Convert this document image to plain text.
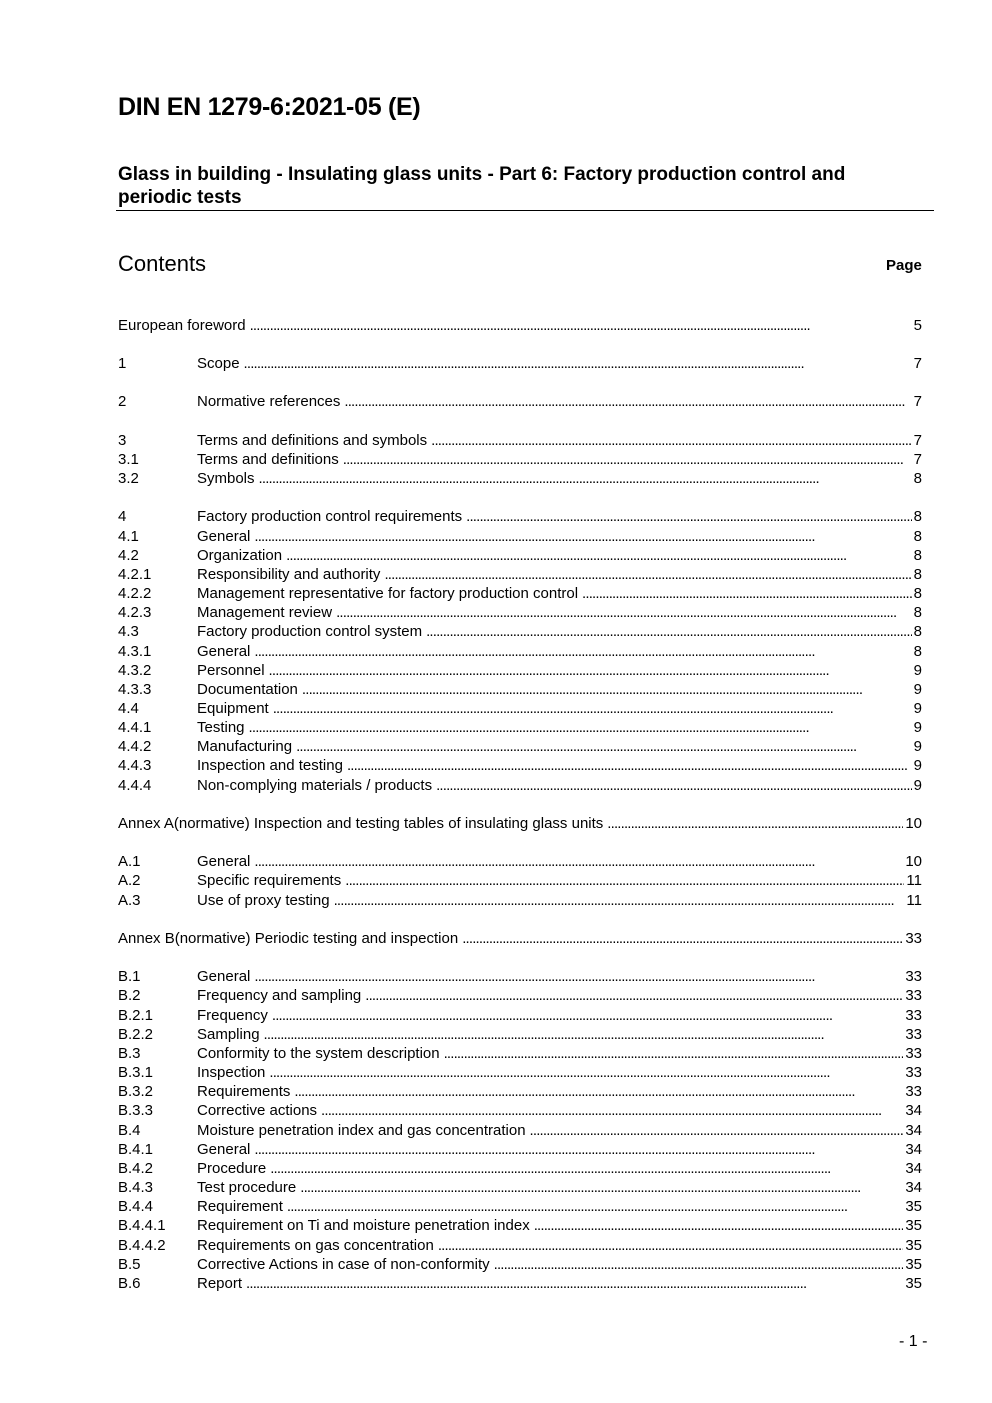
DIN EN 1279-6:2021-05 (E)
Glass in building - Insulating glass units - Part 6: Factory production control and periodic tests
Contents	Page
European foreword . . .	5
1	Scope . . .	7
2	Normative references . . .	7
3	Terms and definitions and symbols . . .	7
3.1	Terms and definitions . . .	7
3.2	Symbols . . .	8
4	Factory production control requirements . . .	8
4.1	General . . .	8
4.2	Organization . . .	8
4.2.1	Responsibility and authority . . .	8
4.2.2	Management representative for factory production control . . .	8
4.2.3	Management review . . .	8
4.3	Factory production control system . . .	8
4.3.1	General . . .	8
4.3.2	Personnel . . .	9
4.3.3	Documentation . . .	9
4.4	Equipment . . .	9
4.4.1	Testing . . .	9
4.4.2	Manufacturing . . .	9
4.4.3	Inspection and testing . . .	9
4.4.4	Non-complying materials / products . . .	9
Annex A(normative) Inspection and testing tables of insulating glass units . . .	10
A.1	General . . .	10
A.2	Specific requirements . . .	11
A.3	Use of proxy testing . . .	11
Annex B(normative) Periodic testing and inspection . . .	33
B.1	General . . .	33
B.2	Frequency and sampling . . .	33
B.2.1	Frequency . . .	33
B.2.2	Sampling . . .	33
B.3	Conformity to the system description . . .	33
B.3.1	Inspection . . .	33
B.3.2	Requirements . . .	33
B.3.3	Corrective actions . . .	34
B.4	Moisture penetration index and gas concentration . . .	34
B.4.1	General . . .	34
B.4.2	Procedure . . .	34
B.4.3	Test procedure . . .	34
B.4.4	Requirement . . .	35
B.4.4.1 Requirement on Ti and moisture penetration index . . .	35
B.4.4.2 Requirements on gas concentration . . .	35
B.5	Corrective Actions in case of non-conformity . . .	35
B.6	Report . . .	35
- 1 -
